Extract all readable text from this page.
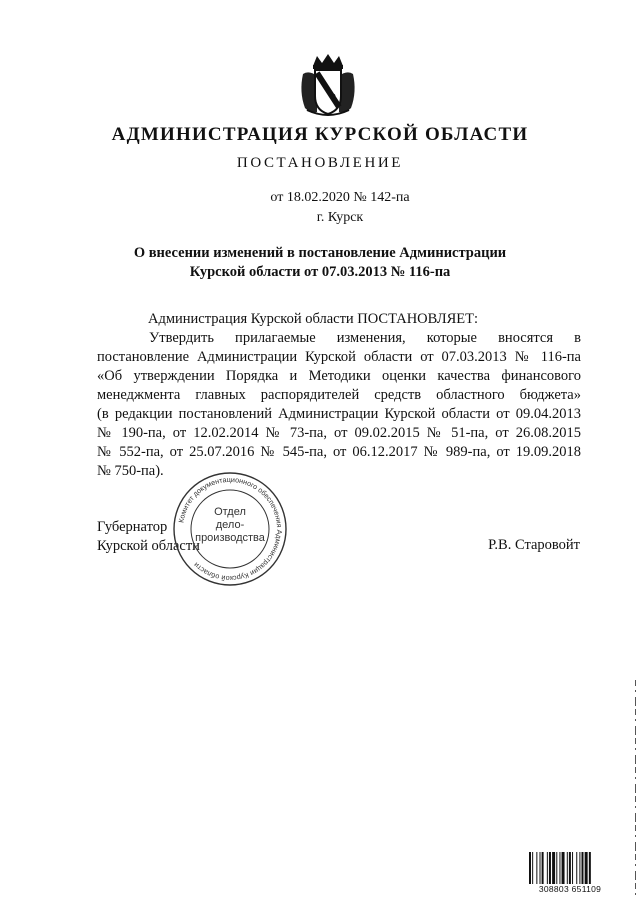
АДМИНИСТРАЦИЯ КУРСКОЙ ОБЛАСТИ
ПОСТАНОВЛЕНИЕ
от 18.02.2020 № 142-па
г. Курск
О внесении изменений в постановление Администрации
Курской области от 07.03.2013 № 116-па
Администрация Курской области ПОСТАНОВЛЯЕТ:
Утвердить прилагаемые изменения, которые вносятся в
постановление Администрации Курской области от 07.03.2013 № 116-па
«Об утверждении Порядка и Методики оценки качества финансового
менеджмента главных распорядителей средств областного бюджета»
(в редакции постановлений Администрации Курской области от 09.04.2013
№ 190-па, от 12.02.2014 № 73-па, от 09.02.2015 № 51-па, от 26.08.2015
№ 552-па, от 25.07.2016 № 545-па, от 06.12.2017 № 989-па, от 19.09.2018
№ 750-па).
Губернатор
Курской области	Р.В. Старовойт
Комитет документационного обеспечения Администрации Курской области
Отдел
дело-
производства
308803 651109
